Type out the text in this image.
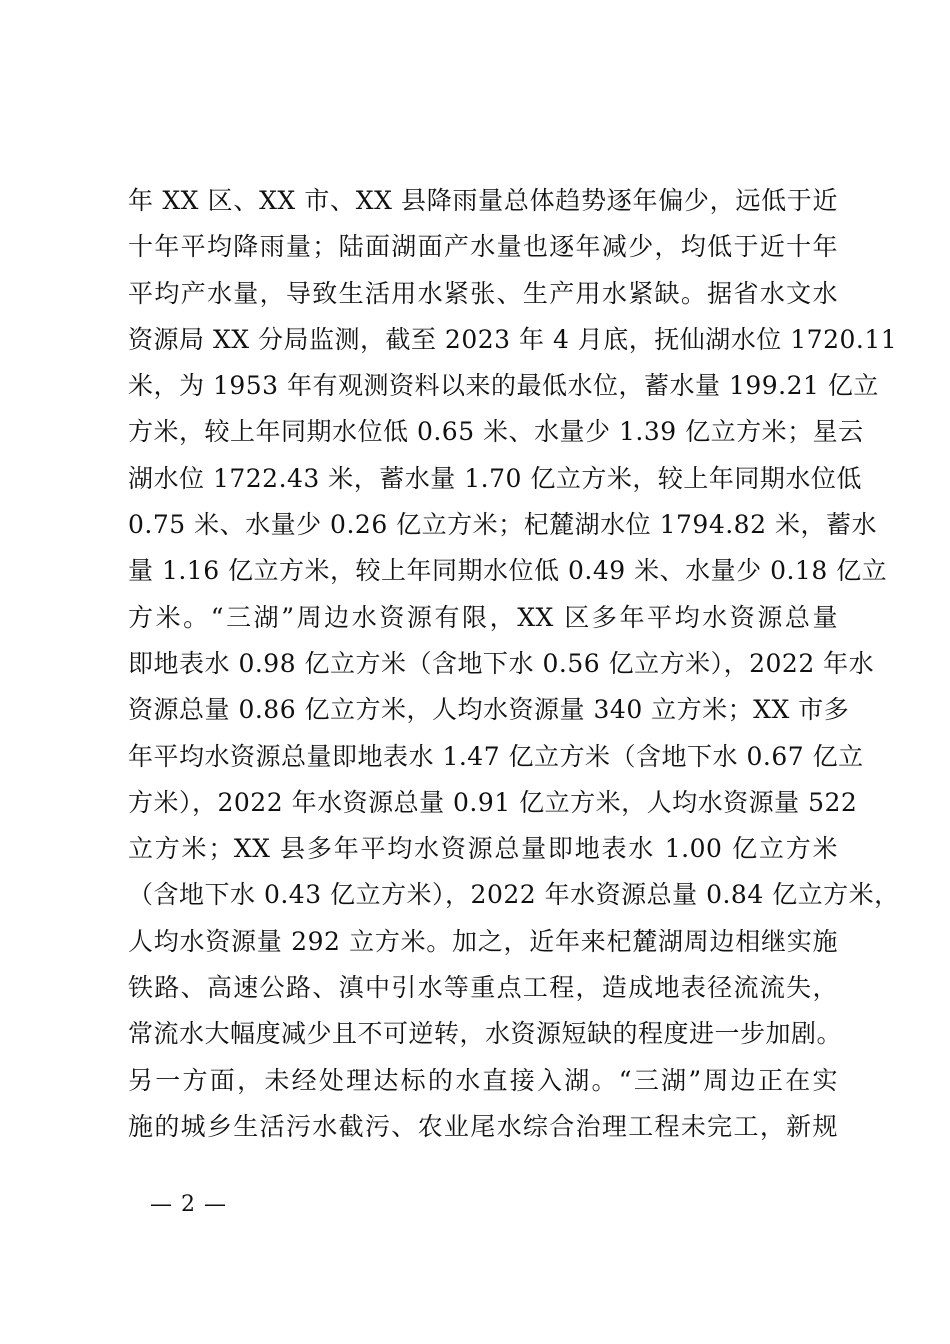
年 XX 区、XX 市、XX 县降雨量总体趋势逐年偏少，远低于近
十年平均降雨量；陆面湖面产水量也逐年减少，均低于近十年
平均产水量，导致生活用水紧张、生产用水紧缺。据省水文水
资源局 XX 分局监测，截至 2023 年 4 月底，抚仙湖水位 1720.11
米，为 1953 年有观测资料以来的最低水位，蓄水量 199.21 亿立
方米，较上年同期水位低 0.65 米、水量少 1.39 亿立方米；星云
湖水位 1722.43 米，蓄水量 1.70 亿立方米，较上年同期水位低
0.75 米、水量少 0.26 亿立方米；杞麓湖水位 1794.82 米，蓄水
量 1.16 亿立方米，较上年同期水位低 0.49 米、水量少 0.18 亿立
方米。“三湖”周边水资源有限，XX 区多年平均水资源总量
即地表水 0.98 亿立方米（含地下水 0.56 亿立方米），2022 年水
资源总量 0.86 亿立方米，人均水资源量 340 立方米；XX 市多
年平均水资源总量即地表水 1.47 亿立方米（含地下水 0.67 亿立
方米），2022 年水资源总量 0.91 亿立方米，人均水资源量 522
立方米；XX 县多年平均水资源总量即地表水 1.00 亿立方米
（含地下水 0.43 亿立方米），2022 年水资源总量 0.84 亿立方米，
人均水资源量 292 立方米。加之，近年来杞麓湖周边相继实施
铁路、高速公路、滇中引水等重点工程，造成地表径流流失，
常流水大幅度减少且不可逆转，水资源短缺的程度进一步加剧。
另一方面，未经处理达标的水直接入湖。“三湖”周边正在实
施的城乡生活污水截污、农业尾水综合治理工程未完工，新规
— 2 —
